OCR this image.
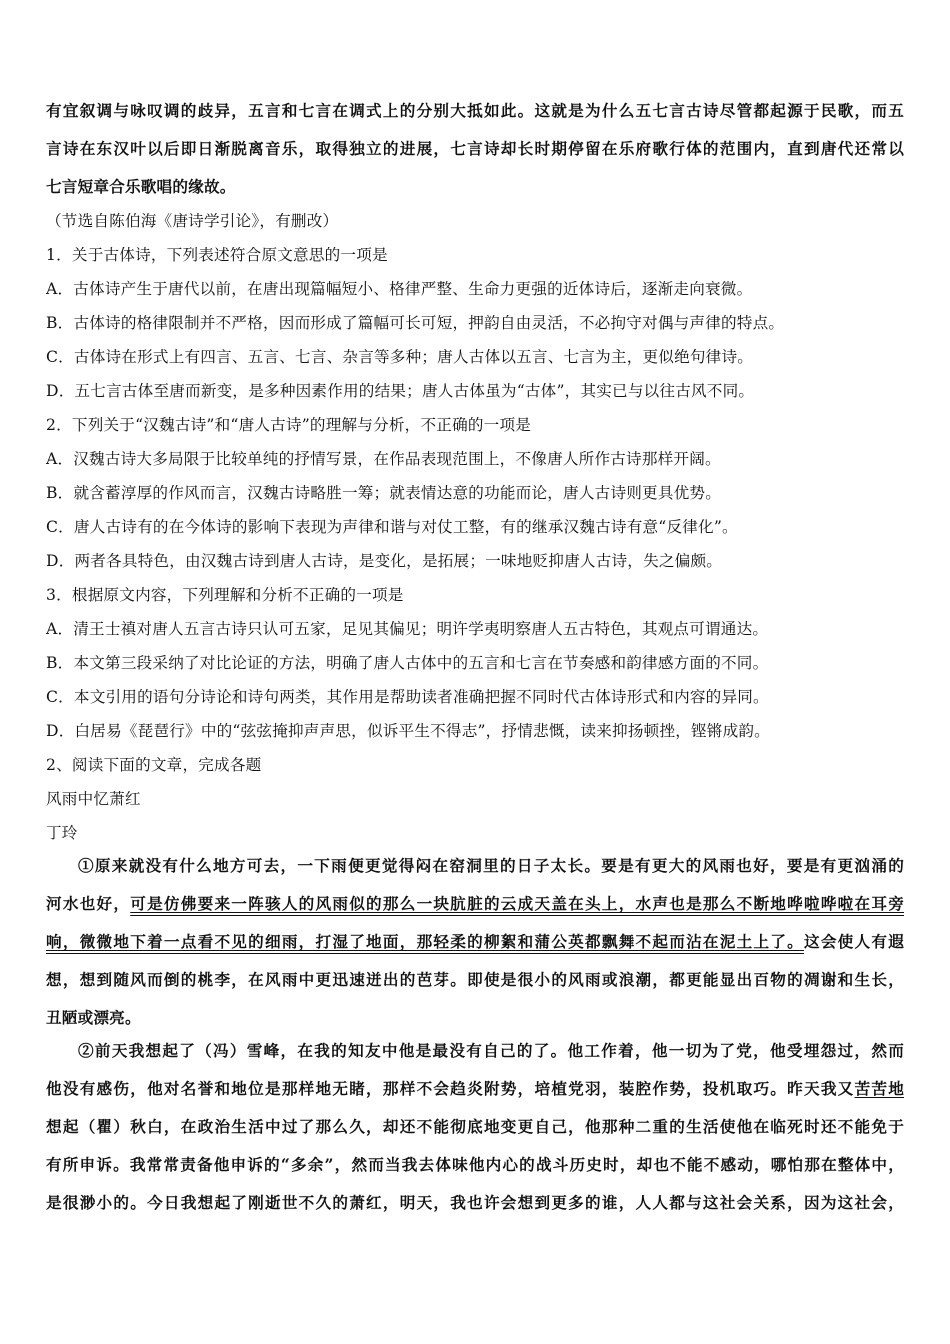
有宜叙调与咏叹调的歧异，五言和七言在调式上的分别大抵如此。这就是为什么五七言古诗尽管都起源于民歌，而五
言诗在东汉叶以后即日渐脱离音乐，取得独立的进展，七言诗却长时期停留在乐府歌行体的范围内，直到唐代还常以
七言短章合乐歌唱的缘故。
（节选自陈伯海《唐诗学引论》，有删改）
1．关于古体诗，下列表述符合原文意思的一项是
A．古体诗产生于唐代以前，在唐出现篇幅短小、格律严整、生命力更强的近体诗后，逐渐走向衰微。
B．古体诗的格律限制并不严格，因而形成了篇幅可长可短，押韵自由灵活，不必拘守对偶与声律的特点。
C．古体诗在形式上有四言、五言、七言、杂言等多种；唐人古体以五言、七言为主，更似绝句律诗。
D．五七言古体至唐而新变，是多种因素作用的结果；唐人古体虽为“古体”，其实已与以往古风不同。
2．下列关于“汉魏古诗”和“唐人古诗”的理解与分析，不正确的一项是
A．汉魏古诗大多局限于比较单纯的抒情写景，在作品表现范围上，不像唐人所作古诗那样开阔。
B．就含蓄淳厚的作风而言，汉魏古诗略胜一筹；就表情达意的功能而论，唐人古诗则更具优势。
C．唐人古诗有的在今体诗的影响下表现为声律和谐与对仗工整，有的继承汉魏古诗有意“反律化”。
D．两者各具特色，由汉魏古诗到唐人古诗，是变化，是拓展；一味地贬抑唐人古诗，失之偏颇。
3．根据原文内容，下列理解和分析不正确的一项是
A．清王士禛对唐人五言古诗只认可五家，足见其偏见；明许学夷明察唐人五古特色，其观点可谓通达。
B．本文第三段采纳了对比论证的方法，明确了唐人古体中的五言和七言在节奏感和韵律感方面的不同。
C．本文引用的语句分诗论和诗句两类，其作用是帮助读者准确把握不同时代古体诗形式和内容的异同。
D．白居易《琵琶行》中的“弦弦掩抑声声思，似诉平生不得志”，抒情悲慨，读来抑扬顿挫，铿锵成韵。
2、阅读下面的文章，完成各题
风雨中忆萧红
丁玲
①原来就没有什么地方可去，一下雨便更觉得闷在窑洞里的日子太长。要是有更大的风雨也好，要是有更汹涌的
河水也好，可是仿佛要来一阵骇人的风雨似的那么一块肮脏的云成天盖在头上，水声也是那么不断地哗啦哗啦在耳旁
响，微微地下着一点看不见的细雨，打湿了地面，那轻柔的柳絮和蒲公英都飘舞不起而沾在泥土上了。这会使人有遐
想，想到随风而倒的桃李，在风雨中更迅速迸出的芭芽。即使是很小的风雨或浪潮，都更能显出百物的凋谢和生长，
丑陋或漂亮。
②前天我想起了（冯）雪峰，在我的知友中他是最没有自己的了。他工作着，他一切为了党，他受埋怨过，然而
他没有感伤，他对名誉和地位是那样地无睹，那样不会趋炎附势，培植党羽，装腔作势，投机取巧。昨天我又苦苦地
想起（瞿）秋白，在政治生活中过了那么久，却还不能彻底地变更自己，他那种二重的生活使他在临死时还不能免于
有所申诉。我常常责备他申诉的“多余”，然而当我去体味他内心的战斗历史时，却也不能不感动，哪怕那在整体中，
是很渺小的。今日我想起了刚逝世不久的萧红，明天，我也许会想到更多的谁，人人都与这社会关系，因为这社会，
